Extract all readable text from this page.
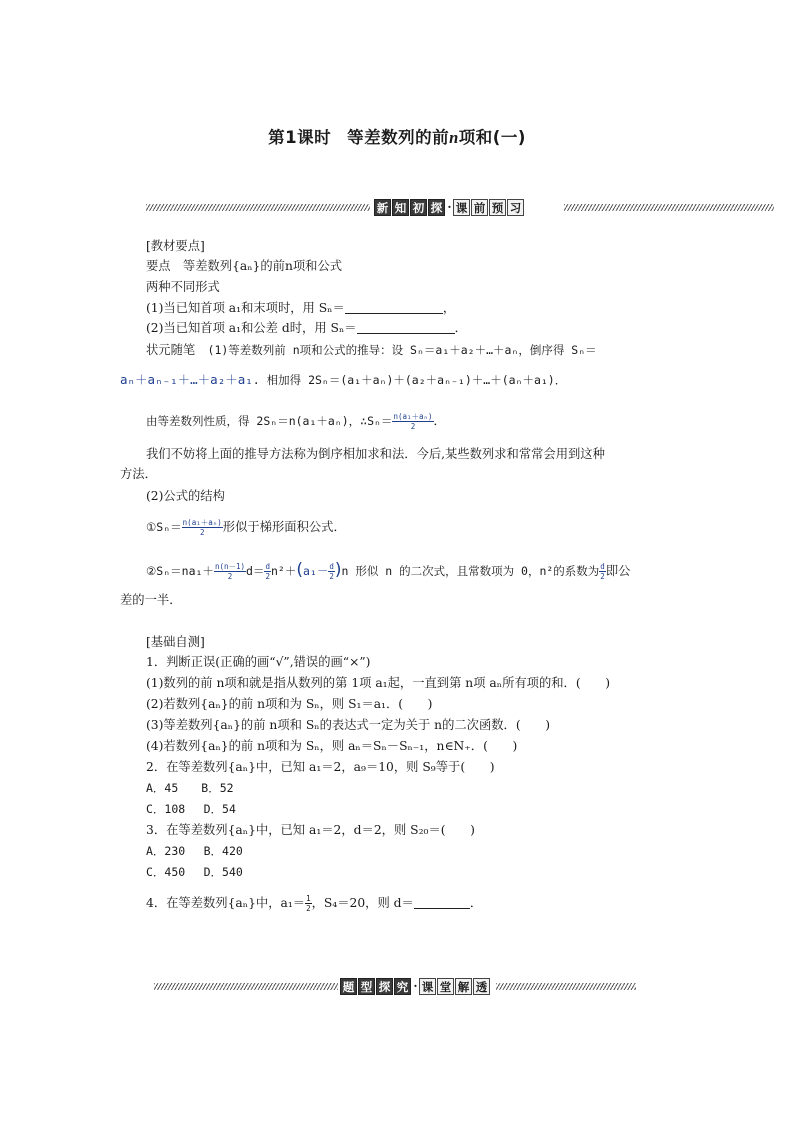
第1课时 等差数列的前n项和(一)
新 知 初 探 · 课 前 预 习
[教材要点]
要点　等差数列{aₙ}的前n项和公式
两种不同形式
(1)当已知首项 a₁和末项时，用 Sₙ＝	，
(2)当已知首项 a₁和公差 d时，用 Sₙ＝	．
状元随笔　 (1)等差数列前 n项和公式的推导：设 Sₙ＝a₁＋a₂＋…＋aₙ，倒序得 Sₙ＝
aₙ＋aₙ₋₁＋…＋a₂＋a₁. 相加得 2Sₙ＝(a₁＋aₙ)＋(a₂＋aₙ₋₁)＋…＋(aₙ＋a₁)．
由等差数列性质，得 2Sₙ＝n(a₁＋aₙ)，∴Sₙ＝ $\frac{\text{n(a₁＋aₙ)}}{2}$ ．
我们不妨将上面的推导方法称为倒序相加求和法．今后,某些数列求和常常会用到这种
方法．
(2)公式的结构
①Sₙ＝ $\frac{\text{n(a₁＋aₙ)}}{2}$ 形似于梯形面积公式．
②Sₙ＝na₁＋ $\frac{n(n-1)}{2} d= \frac{d}{2} n^2+(a_1- \frac{d}{2} )n$ 形似 n 的二次式，且常数项为 0，n²的系数为 $\frac{d}{2}$ 即公
差的一半．
[基础自测]
1．判断正误(正确的画“√”,错误的画“×”)
(1)数列的前 n项和就是指从数列的第 1项 a₁起，一直到第 n项 aₙ所有项的和．(　　)
(2)若数列{aₙ}的前 n项和为 Sₙ，则 S₁＝a₁．(　　)
(3)等差数列{aₙ}的前 n项和 Sₙ的表达式一定为关于 n的二次函数．(　　)
(4)若数列{aₙ}的前 n项和为 Sₙ，则 aₙ＝Sₙ－Sₙ₋₁，n∈N₊．(　　)
2．在等差数列{aₙ}中，已知 a₁＝2，a₉＝10，则 S₉等于(　　)
A．45　　B．52
C．108　 D．54
3．在等差数列{aₙ}中，已知 a₁＝2，d＝2，则 S₂₀＝(　　)
A．230　 B．420
C．450　 D．540
4．在等差数列{aₙ}中，$a_1= \frac{1}{2}$ ，S₄＝20，则 d＝	．
题 型 探 究 · 课 堂 解 透
